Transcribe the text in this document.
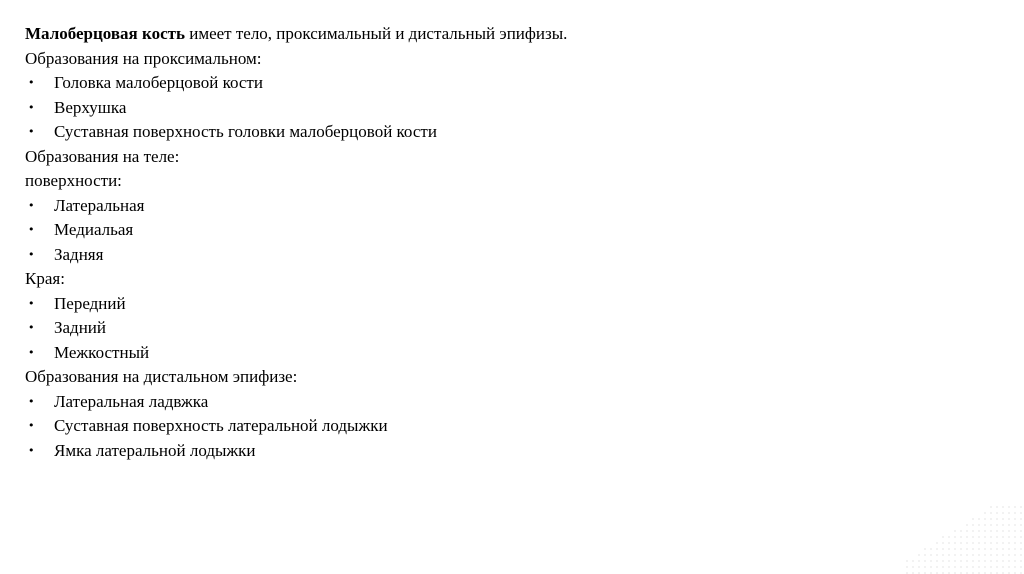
Малоберцовая кость имеет тело, проксимальный и дистальный эпифизы.
Образования на проксимальном:
•	Головка малоберцовой кости
•	Верхушка
•	Суставная поверхность головки малоберцовой кости
Образования на теле:
поверхности:
•	Латеральная
•	Медиальая
•	Задняя
Края:
•	Передний
•	Задний
•	Межкостный
Образования на дистальном эпифизе:
•	Латеральная ладвжка
•	Суставная поверхность латеральной лодыжки
•	Ямка латеральной лодыжки
